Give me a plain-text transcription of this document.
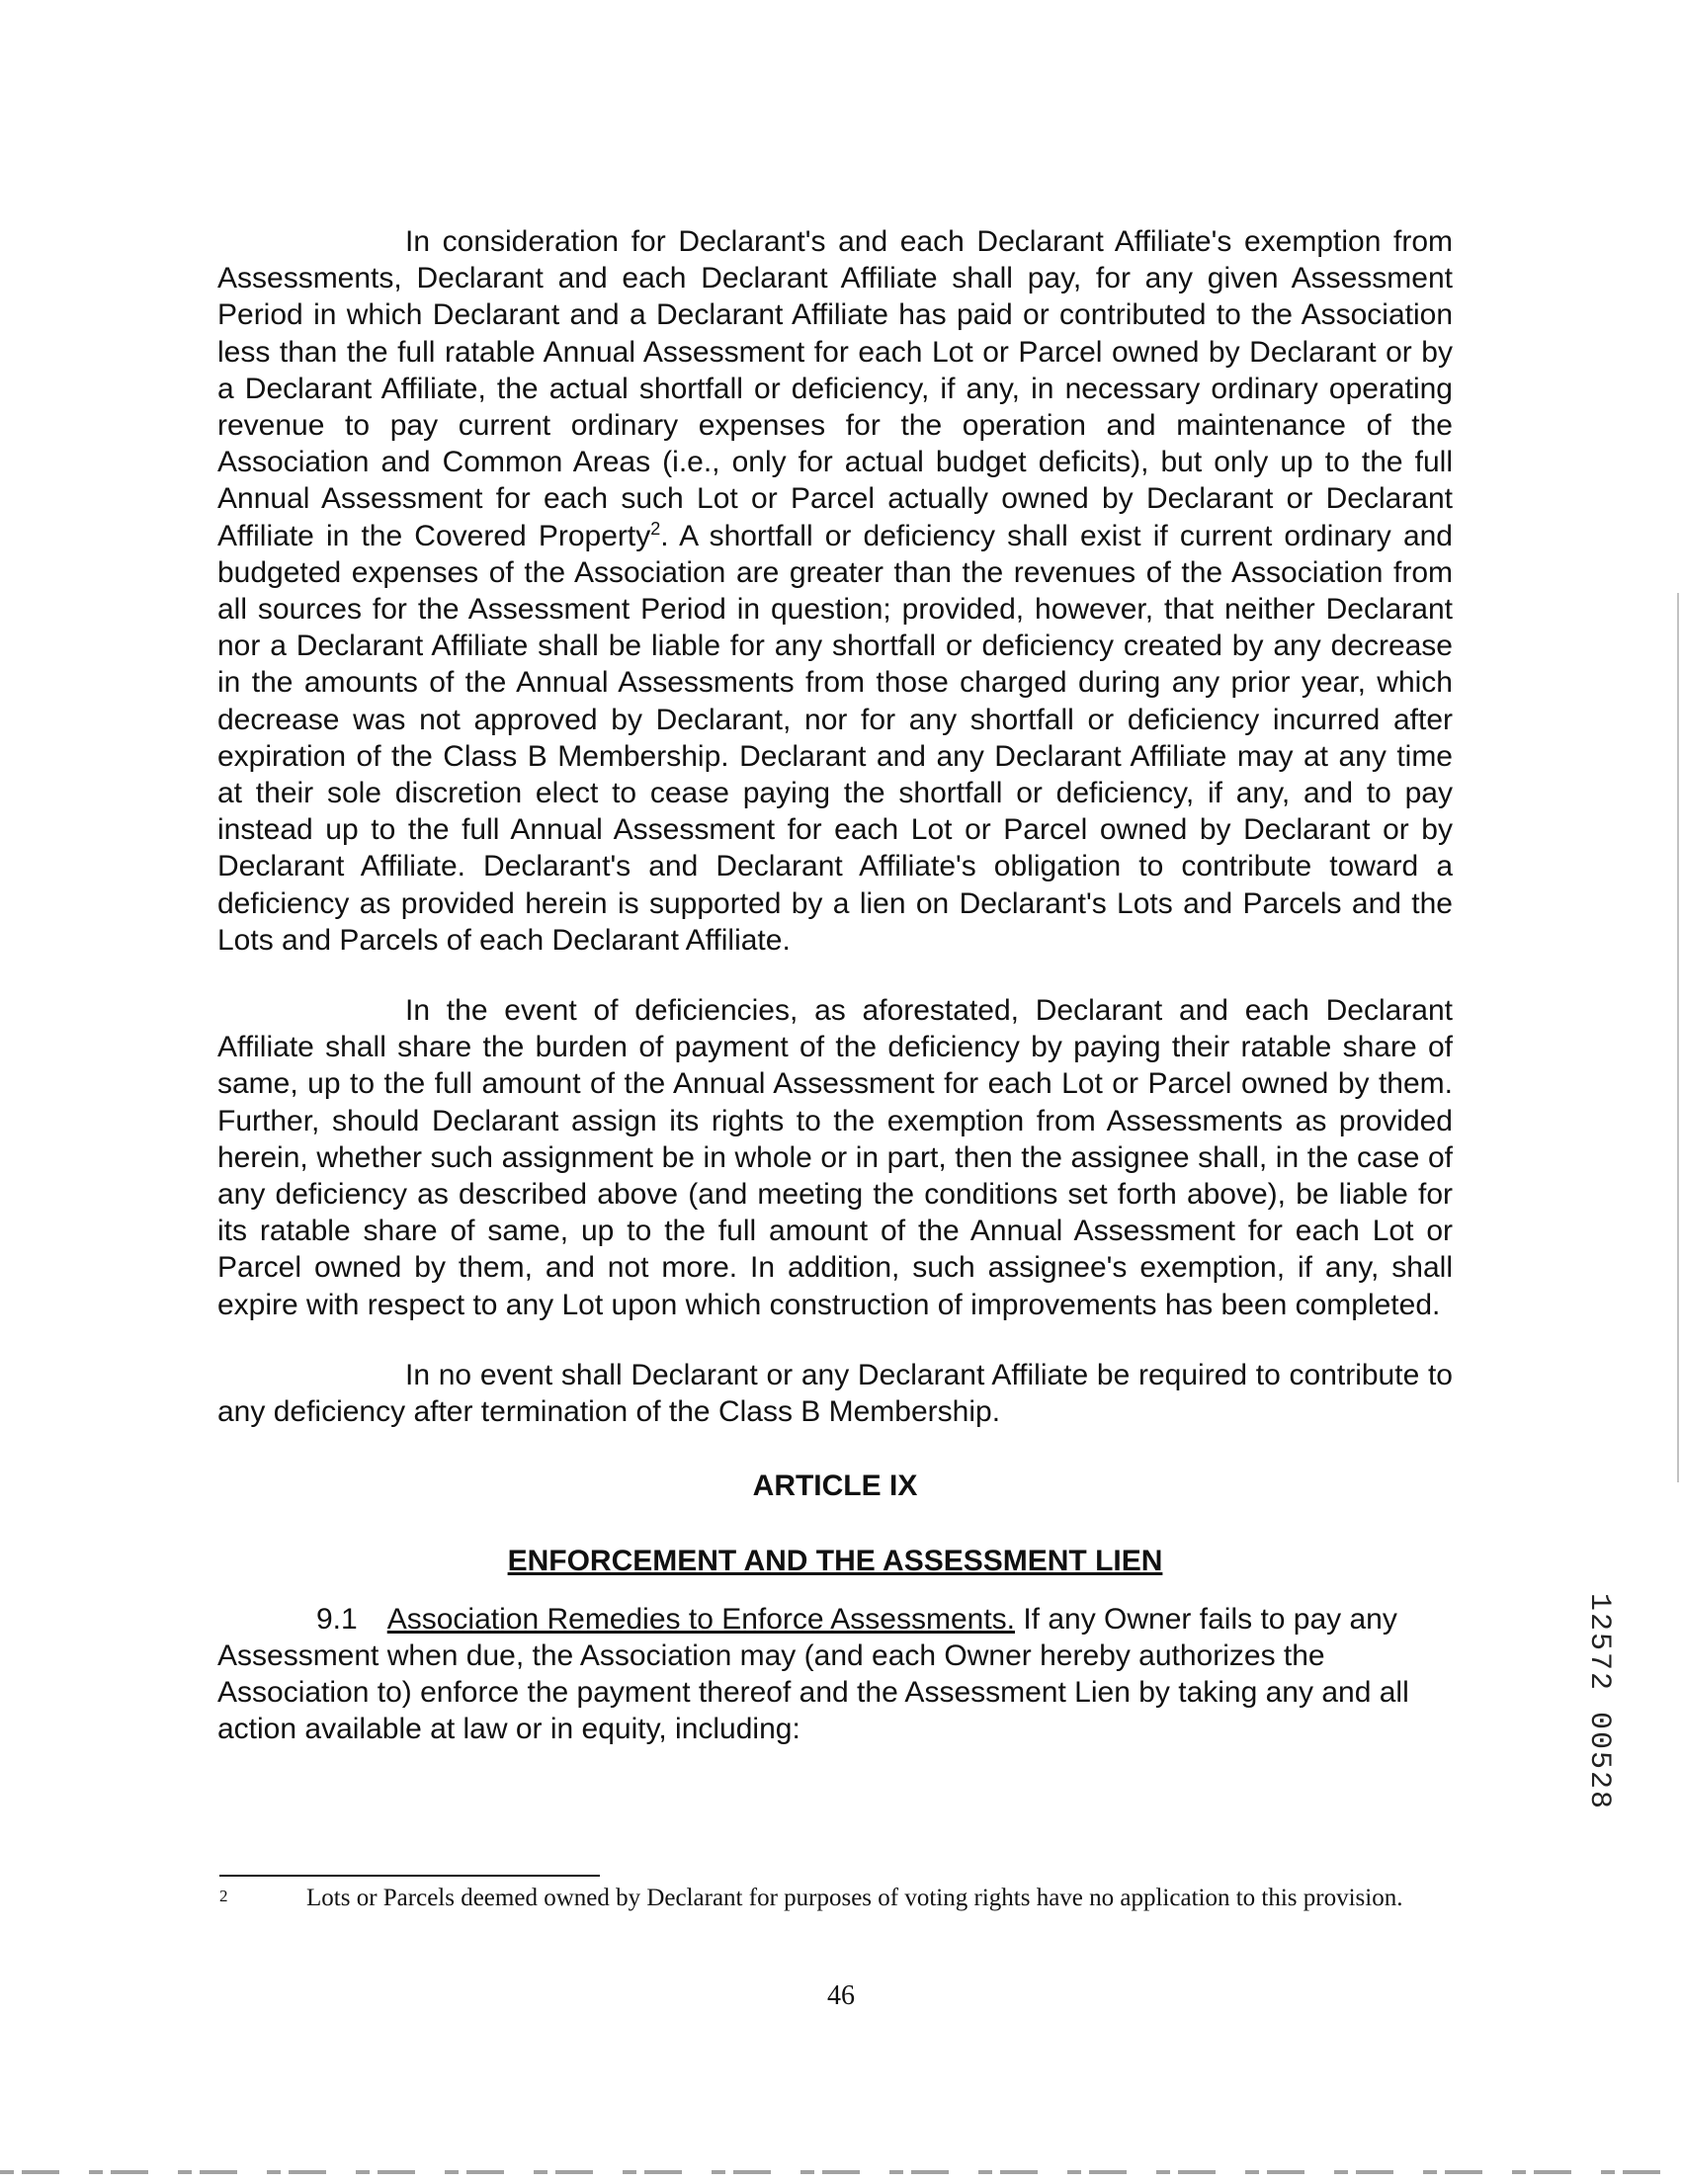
In consideration for Declarant's and each Declarant Affiliate's exemption from Assessments, Declarant and each Declarant Affiliate shall pay, for any given Assessment Period in which Declarant and a Declarant Affiliate has paid or contributed to the Association less than the full ratable Annual Assessment for each Lot or Parcel owned by Declarant or by a Declarant Affiliate, the actual shortfall or deficiency, if any, in necessary ordinary operating revenue to pay current ordinary expenses for the operation and maintenance of the Association and Common Areas (i.e., only for actual budget deficits), but only up to the full Annual Assessment for each such Lot or Parcel actually owned by Declarant or Declarant Affiliate in the Covered Property$^2$. A shortfall or deficiency shall exist if current ordinary and budgeted expenses of the Association are greater than the revenues of the Association from all sources for the Assessment Period in question; provided, however, that neither Declarant nor a Declarant Affiliate shall be liable for any shortfall or deficiency created by any decrease in the amounts of the Annual Assessments from those charged during any prior year, which decrease was not approved by Declarant, nor for any shortfall or deficiency incurred after expiration of the Class B Membership. Declarant and any Declarant Affiliate may at any time at their sole discretion elect to cease paying the shortfall or deficiency, if any, and to pay instead up to the full Annual Assessment for each Lot or Parcel owned by Declarant or by Declarant Affiliate. Declarant's and Declarant Affiliate's obligation to contribute toward a deficiency as provided herein is supported by a lien on Declarant's Lots and Parcels and the Lots and Parcels of each Declarant Affiliate.

In the event of deficiencies, as aforestated, Declarant and each Declarant Affiliate shall share the burden of payment of the deficiency by paying their ratable share of same, up to the full amount of the Annual Assessment for each Lot or Parcel owned by them. Further, should Declarant assign its rights to the exemption from Assessments as provided herein, whether such assignment be in whole or in part, then the assignee shall, in the case of any deficiency as described above (and meeting the conditions set forth above), be liable for its ratable share of same, up to the full amount of the Annual Assessment for each Lot or Parcel owned by them, and not more. In addition, such assignee's exemption, if any, shall expire with respect to any Lot upon which construction of improvements has been completed.

In no event shall Declarant or any Declarant Affiliate be required to contribute to any deficiency after termination of the Class B Membership.

ARTICLE IX

ENFORCEMENT AND THE ASSESSMENT LIEN

9.1 Association Remedies to Enforce Assessments. If any Owner fails to pay any Assessment when due, the Association may (and each Owner hereby authorizes the Association to) enforce the payment thereof and the Assessment Lien by taking any and all action available at law or in equity, including:

2	Lots or Parcels deemed owned by Declarant for purposes of voting rights have no application to this provision.
46
12572 00528
